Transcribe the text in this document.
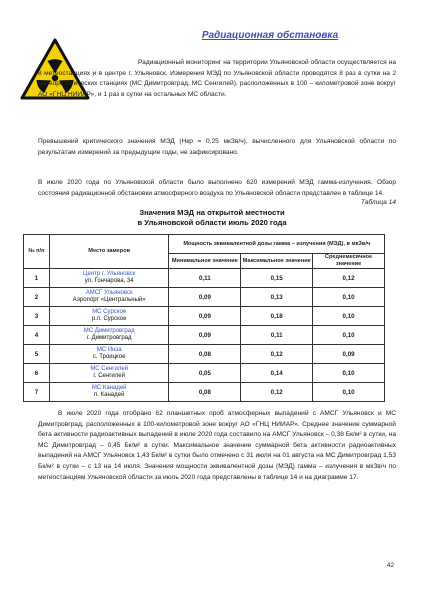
Радиационная обстановка

Радиационный мониторинг на территории Ульяновской области осуществляется на 8 метеостанциях и в центре г. Ульяновск. Измерения МЭД по Ульяновской области проводятся 8 раз в сутки на 2 метеорологических станциях (МС Димитровград, МС Сенгилей), расположенных в 100 – километровой зоне вокруг АО «ГНЦ НИИАР», и 1 раз в сутки на остальных МС области.

Превышений критического значения МЭД (Нкр = 0,25 мкЗв/ч), вычисленного для Ульяновской области по результатам измерений за предыдущие годы, не зафиксировано.

В июле 2020 года по Ульяновской области было выполнено 620 измерений МЭД гамма-излучения. Обзор состояния радиационной обстановки атмосферного воздуха по Ульяновской области представлен в таблице 14.

Таблица 14
Значения МЭД на открытой местности
в Ульяновской области июль 2020 года
№ п/п	Место замеров	Мощность эквивалентной дозы гамма – излучения (МЭД), в мкЗв/ч		
		Минимальное значение	Максимальное значение	Среднемесячное значение
1	Центр г. Ульяновск
ул. Гончарова, 34	0,11	0,15	0,12
2	АМСГ Ульяновск
Аэропорт «Центральный»	0,09	0,13	0,10
3	МС Сурское
р.п. Сурское	0,09	0,18	0,10
4	МС Димитровград
г. Димитровград	0,09	0,11	0,10
5	МС Инза
с. Троицкое	0,08	0,12	0,09
6	МС Сенгилей
г. Сенгилей	0,05	0,14	0,10
7	МС Канадей
п. Канадей	0,08	0,12	0,10

В июле 2020 года отобрано 62 планшетных проб атмосферных выпадений с АМСГ Ульяновск и МС Димитровград, расположенных в 100-километровой зоне вокруг АО «ГНЦ НИИАР». Среднее значение суммарной бета активности радиоактивных выпадений в июле 2020 года составило на АМСГ Ульяновск – 0,38 Бк/м² в сутки, на МС Димитровград – 0,45 Бк/м² в сутки. Максимальное значение суммарной бета активности радиоактивных выпадений на АМСГ Ульяновск 1,43 Бк/м² в сутки было отмечено с 31 июля на 01 августа на МС Димитровград 1,53 Бк/м² в сутки – с 13 на 14 июля. Значения мощности эквивалентной дозы (МЭД) гамма – излучения в мкЗв/ч по метеостанциям Ульяновской области за июль 2020 года представлены в таблице 14 и на диаграмме 17.

42
